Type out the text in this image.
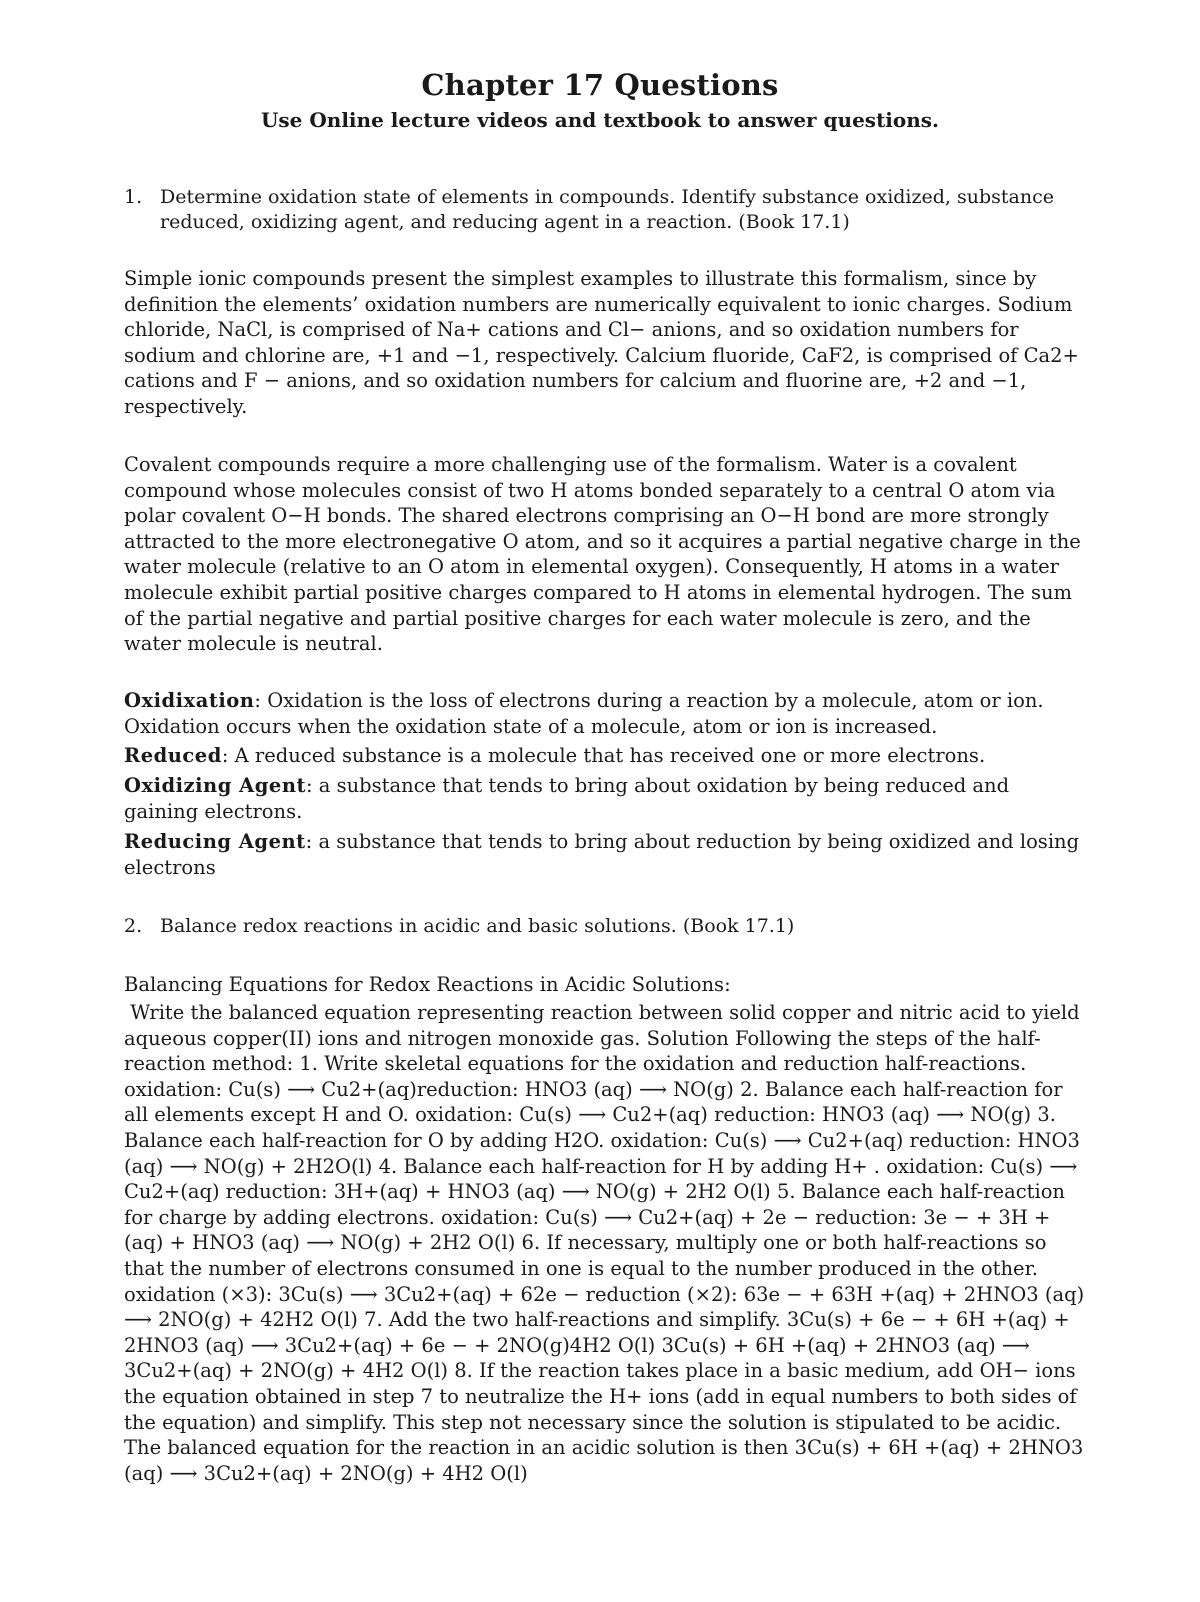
Chapter 17 Questions
Use Online lecture videos and textbook to answer questions.
1. Determine oxidation state of elements in compounds. Identify substance oxidized, substance reduced, oxidizing agent, and reducing agent in a reaction. (Book 17.1)
Simple ionic compounds present the simplest examples to illustrate this formalism, since by definition the elements’ oxidation numbers are numerically equivalent to ionic charges. Sodium chloride, NaCl, is comprised of Na+ cations and Cl− anions, and so oxidation numbers for sodium and chlorine are, +1 and −1, respectively. Calcium fluoride, CaF2, is comprised of Ca2+ cations and F − anions, and so oxidation numbers for calcium and fluorine are, +2 and −1, respectively.
Covalent compounds require a more challenging use of the formalism. Water is a covalent compound whose molecules consist of two H atoms bonded separately to a central O atom via polar covalent O−H bonds. The shared electrons comprising an O−H bond are more strongly attracted to the more electronegative O atom, and so it acquires a partial negative charge in the water molecule (relative to an O atom in elemental oxygen). Consequently, H atoms in a water molecule exhibit partial positive charges compared to H atoms in elemental hydrogen. The sum of the partial negative and partial positive charges for each water molecule is zero, and the water molecule is neutral.
Oxidixation: Oxidation is the loss of electrons during a reaction by a molecule, atom or ion. Oxidation occurs when the oxidation state of a molecule, atom or ion is increased.
Reduced: A reduced substance is a molecule that has received one or more electrons.
Oxidizing Agent: a substance that tends to bring about oxidation by being reduced and gaining electrons.
Reducing Agent: a substance that tends to bring about reduction by being oxidized and losing electrons
2. Balance redox reactions in acidic and basic solutions. (Book 17.1)
Balancing Equations for Redox Reactions in Acidic Solutions:
Write the balanced equation representing reaction between solid copper and nitric acid to yield aqueous copper(II) ions and nitrogen monoxide gas. Solution Following the steps of the half-reaction method: 1. Write skeletal equations for the oxidation and reduction half-reactions. oxidation: Cu(s) ⟶ Cu2+(aq)reduction: HNO3 (aq) ⟶ NO(g) 2. Balance each half-reaction for all elements except H and O. oxidation: Cu(s) ⟶ Cu2+(aq) reduction: HNO3 (aq) ⟶ NO(g) 3. Balance each half-reaction for O by adding H2O. oxidation: Cu(s) ⟶ Cu2+(aq) reduction: HNO3 (aq) ⟶ NO(g) + 2H2O(l) 4. Balance each half-reaction for H by adding H+ . oxidation: Cu(s) ⟶ Cu2+(aq) reduction: 3H+(aq) + HNO3 (aq) ⟶ NO(g) + 2H2 O(l) 5. Balance each half-reaction for charge by adding electrons. oxidation: Cu(s) ⟶ Cu2+(aq) + 2e − reduction: 3e − + 3H +(aq) + HNO3 (aq) ⟶ NO(g) + 2H2 O(l) 6. If necessary, multiply one or both half-reactions so that the number of electrons consumed in one is equal to the number produced in the other. oxidation (×3): 3Cu(s) ⟶ 3Cu2+(aq) + 62e − reduction (×2): 63e − + 63H +(aq) + 2HNO3 (aq) ⟶ 2NO(g) + 42H2 O(l) 7. Add the two half-reactions and simplify. 3Cu(s) + 6e − + 6H +(aq) + 2HNO3 (aq) ⟶ 3Cu2+(aq) + 6e − + 2NO(g)4H2 O(l) 3Cu(s) + 6H +(aq) + 2HNO3 (aq) ⟶ 3Cu2+(aq) + 2NO(g) + 4H2 O(l) 8. If the reaction takes place in a basic medium, add OH− ions the equation obtained in step 7 to neutralize the H+ ions (add in equal numbers to both sides of the equation) and simplify. This step not necessary since the solution is stipulated to be acidic. The balanced equation for the reaction in an acidic solution is then 3Cu(s) + 6H +(aq) + 2HNO3 (aq) ⟶ 3Cu2+(aq) + 2NO(g) + 4H2 O(l)
